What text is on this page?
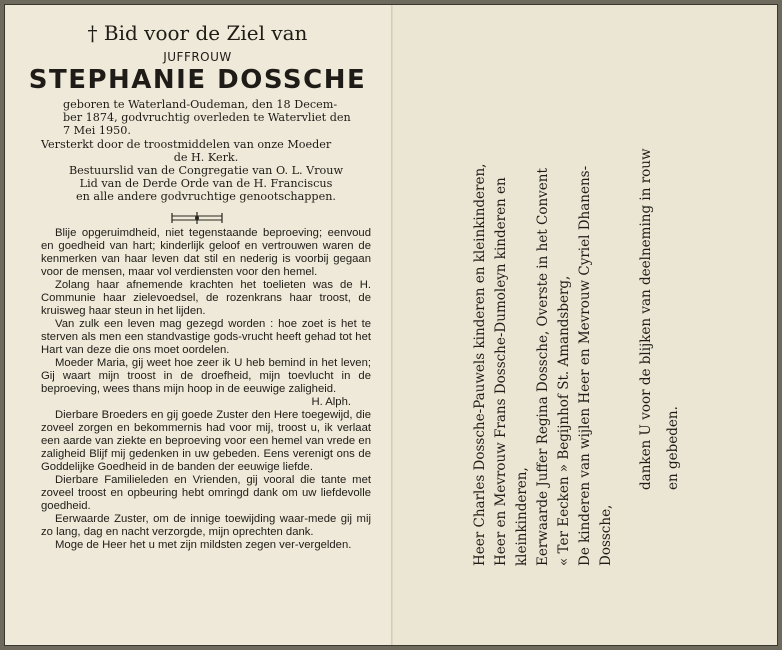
† Bid voor de Ziel van
JUFFROUW
STEPHANIE DOSSCHE

geboren te Waterland-Oudeman, den 18 Decem-

ber 1874, godvruchtig overleden te Watervliet den

7 Mei 1950.

Versterkt door de troostmiddelen van onze Moeder

de H. Kerk.

Bestuurslid van de Congregatie van O. L. Vrouw

Lid van de Derde Orde van de H. Franciscus

en alle andere godvruchtige genootschappen.

Blije opgeruimdheid, niet tegenstaande beproeving; eenvoud en goedheid van hart; kinderlijk geloof en vertrouwen waren de kenmerken van haar leven dat stil en nederig is voorbij gegaan voor de mensen, maar vol verdiensten voor den hemel.

Zolang haar afnemende krachten het toelieten was de H. Communie haar zielevoedsel, de rozenkrans haar troost, de kruisweg haar steun in het lijden.

Van zulk een leven mag gezegd worden : hoe zoet is het te sterven als men een standvastige gods-vrucht heeft gehad tot het Hart van deze die ons moet oordelen.

Moeder Maria, gij weet hoe zeer ik U heb bemind in het leven; Gij waart mijn troost in de droefheid, mijn toevlucht in de beproeving, wees thans mijn hoop in de eeuwige zaligheid.

H. Alph.

Dierbare Broeders en gij goede Zuster den Here toegewijd, die zoveel zorgen en bekommernis had voor mij, troost u, ik verlaat een aarde van ziekte en beproeving voor een hemel van vrede en zaligheid Blijf mij gedenken in uw gebeden. Eens verenigt ons de Goddelijke Goedheid in de banden der eeuwige liefde.

Dierbare Familieleden en Vrienden, gij vooral die tante met zoveel troost en opbeuring hebt omringd dank om uw liefdevolle goedheid.

Eerwaarde Zuster, om de innige toewijding waar-mede gij mij zo lang, dag en nacht verzorgde, mijn oprechten dank.

Moge de Heer het u met zijn mildsten zegen ver-vergelden.	Heer Charles Dossche-Pauwels kinderen en kleinkinderen, Heer en Mevrouw Frans Dossche-Dumoleyn kinderen en kleinkinderen, Eerwaarde Juffer Regina Dossche, Overste in het Convent « Ter Eecken » Begijnhof St. Amandsberg, De kinderen van wijlen Heer en Mevrouw Cyriel Dhanens- Dossche,
danken U voor de blijken van deelneming in rouw en gebeden.
